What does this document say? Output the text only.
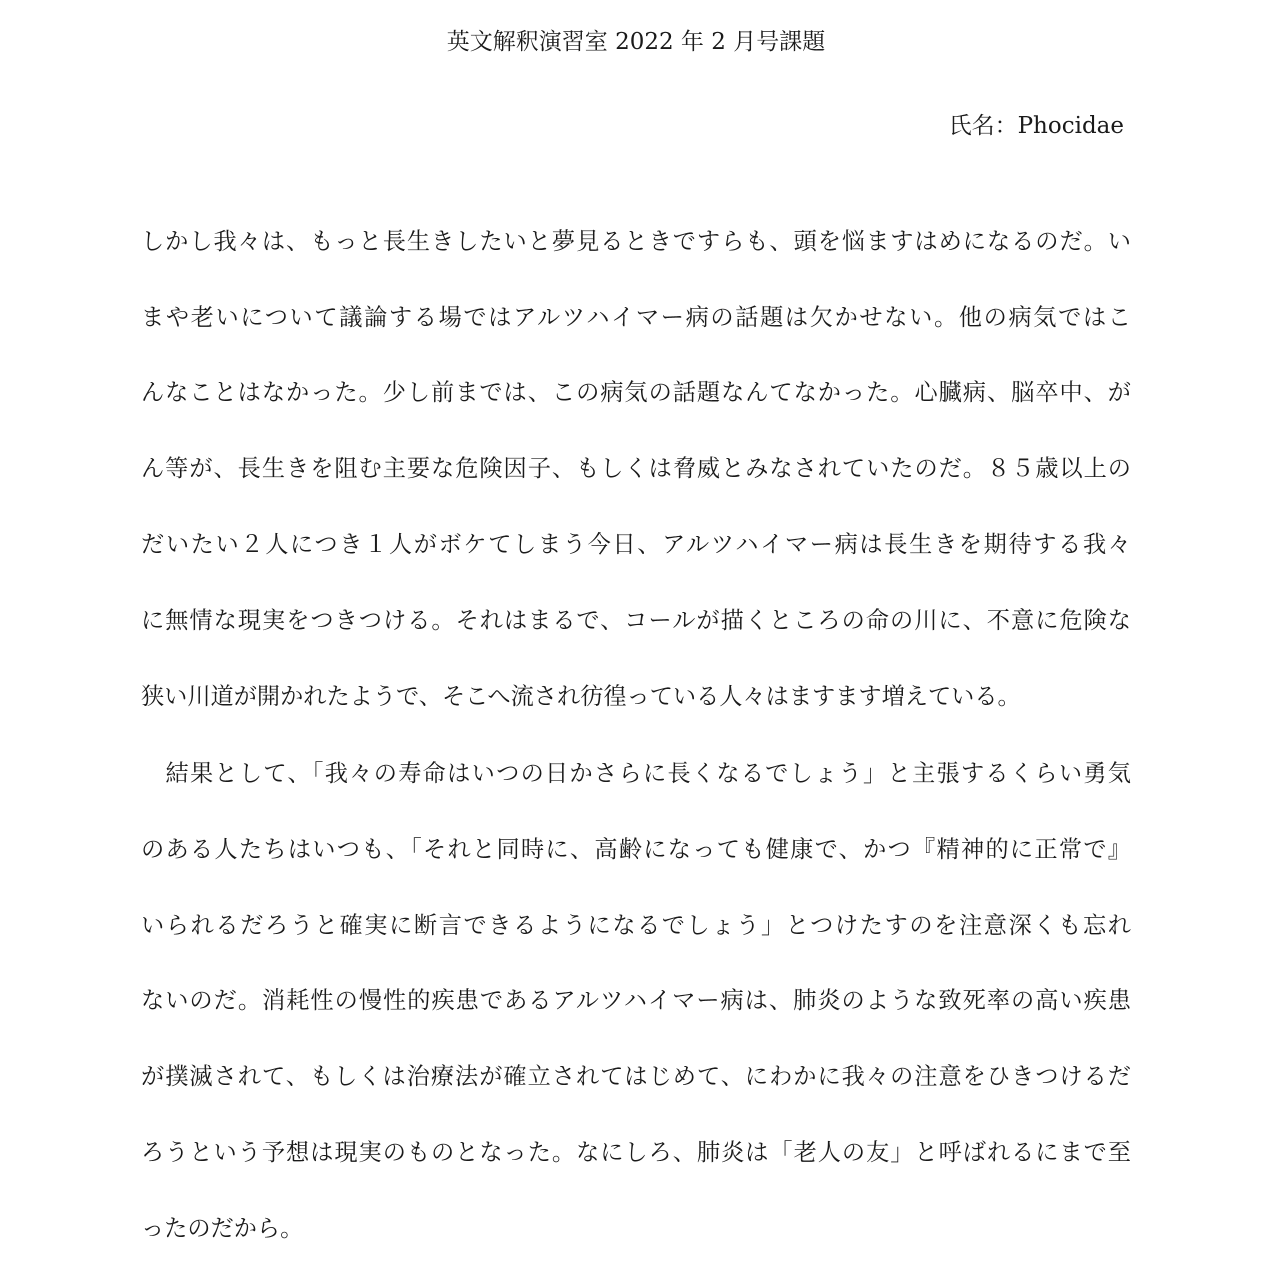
英文解釈演習室 2022 年 2 月号課題
氏名：Phocidae
しかし我々は、もっと長生きしたいと夢見るときですらも、頭を悩ますはめになるのだ。い
まや老いについて議論する場ではアルツハイマー病の話題は欠かせない。他の病気ではこ
んなことはなかった。少し前までは、この病気の話題なんてなかった。心臓病、脳卒中、が
ん等が、長生きを阻む主要な危険因子、もしくは脅威とみなされていたのだ。８５歳以上の
だいたい２人につき１人がボケてしまう今日、アルツハイマー病は長生きを期待する我々
に無情な現実をつきつける。それはまるで、コールが描くところの命の川に、不意に危険な
狭い川道が開かれたようで、そこへ流され彷徨っている人々はますます増えている。
　結果として、「我々の寿命はいつの日かさらに長くなるでしょう」と主張するくらい勇気
のある人たちはいつも、「それと同時に、高齢になっても健康で、かつ『精神的に正常で』
いられるだろうと確実に断言できるようになるでしょう」とつけたすのを注意深くも忘れ
ないのだ。消耗性の慢性的疾患であるアルツハイマー病は、肺炎のような致死率の高い疾患
が撲滅されて、もしくは治療法が確立されてはじめて、にわかに我々の注意をひきつけるだ
ろうという予想は現実のものとなった。なにしろ、肺炎は「老人の友」と呼ばれるにまで至
ったのだから。
